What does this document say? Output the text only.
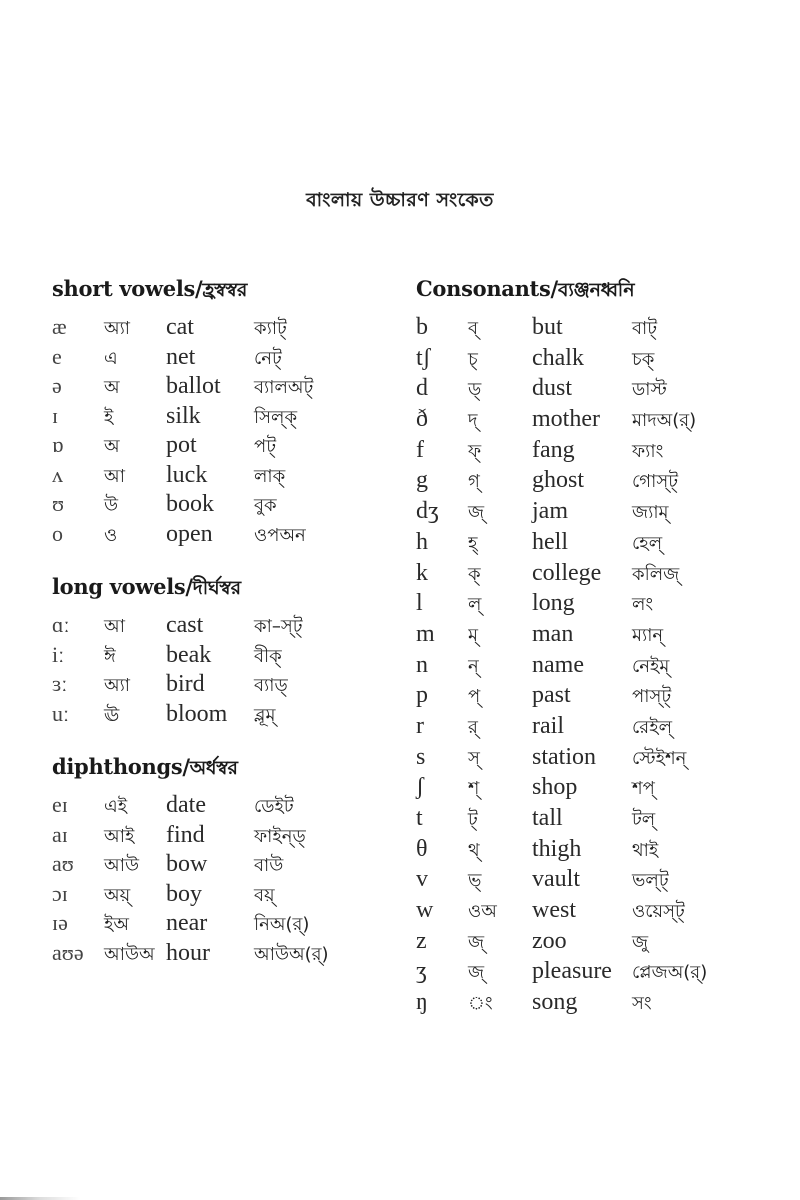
বাংলায় উচ্চারণ সংকেত
short vowels/হ্রস্বস্বর
æ	অ্যা	cat	ক্যাট্
e	এ	net	নেট্
ə	অ	ballot	ব্যালঅট্
ɪ	ই	silk	সিল্ক্
ɒ	অ	pot	পট্
ʌ	আ	luck	লাক্
ʊ	উ	book	বুক
o	ও	open	ওপঅন
long vowels/দীর্ঘস্বর
ɑː	আ	cast	কা–স্ট্
iː	ঈ	beak	বীক্
ɜː	অ্যা	bird	ব্যাড্
uː	ঊ	bloom	ব্লূম্
diphthongs/অর্ধস্বর
eɪ	এই	date	ডেইট
aɪ	আই	find	ফাইন্ড্
aʊ	আউ	bow	বাউ
ɔɪ	অয়্	boy	বয়্
ɪə	ইঅ	near	নিঅ(র্)
aʊə	আউঅ hour	আউঅ(র্)
Consonants/ব্যঞ্জনধ্বনি
b	ব্	but	বাট্
tʃ	চ্	chalk	চক্
d	ড্	dust	ডাস্ট
ð	দ্	mother	মাদঅ(র্)
f	ফ্	fang	ফ্যাং
g	গ্	ghost	গোস্ট্
dʒ	জ্	jam	জ্যাম্
h	হ্	hell	হেল্
k	ক্	college	কলিজ্
l	ল্	long	লং
m	ম্	man	ম্যান্
n	ন্	name	নেইম্
p	প্	past	পাস্ট্
r	র্	rail	রেইল্
s	স্	station	স্টেইশন্
ʃ	শ্	shop	শপ্
t	ট্	tall	টল্
θ	থ্	thigh	থাই
v	ভ্	vault	ভল্ট্
w	ওঅ	west	ওয়েস্ট্
z	জ্	zoo	জু
ʒ	জ্	pleasure	প্লেজঅ(র্)
ŋ	ং	song	সং
